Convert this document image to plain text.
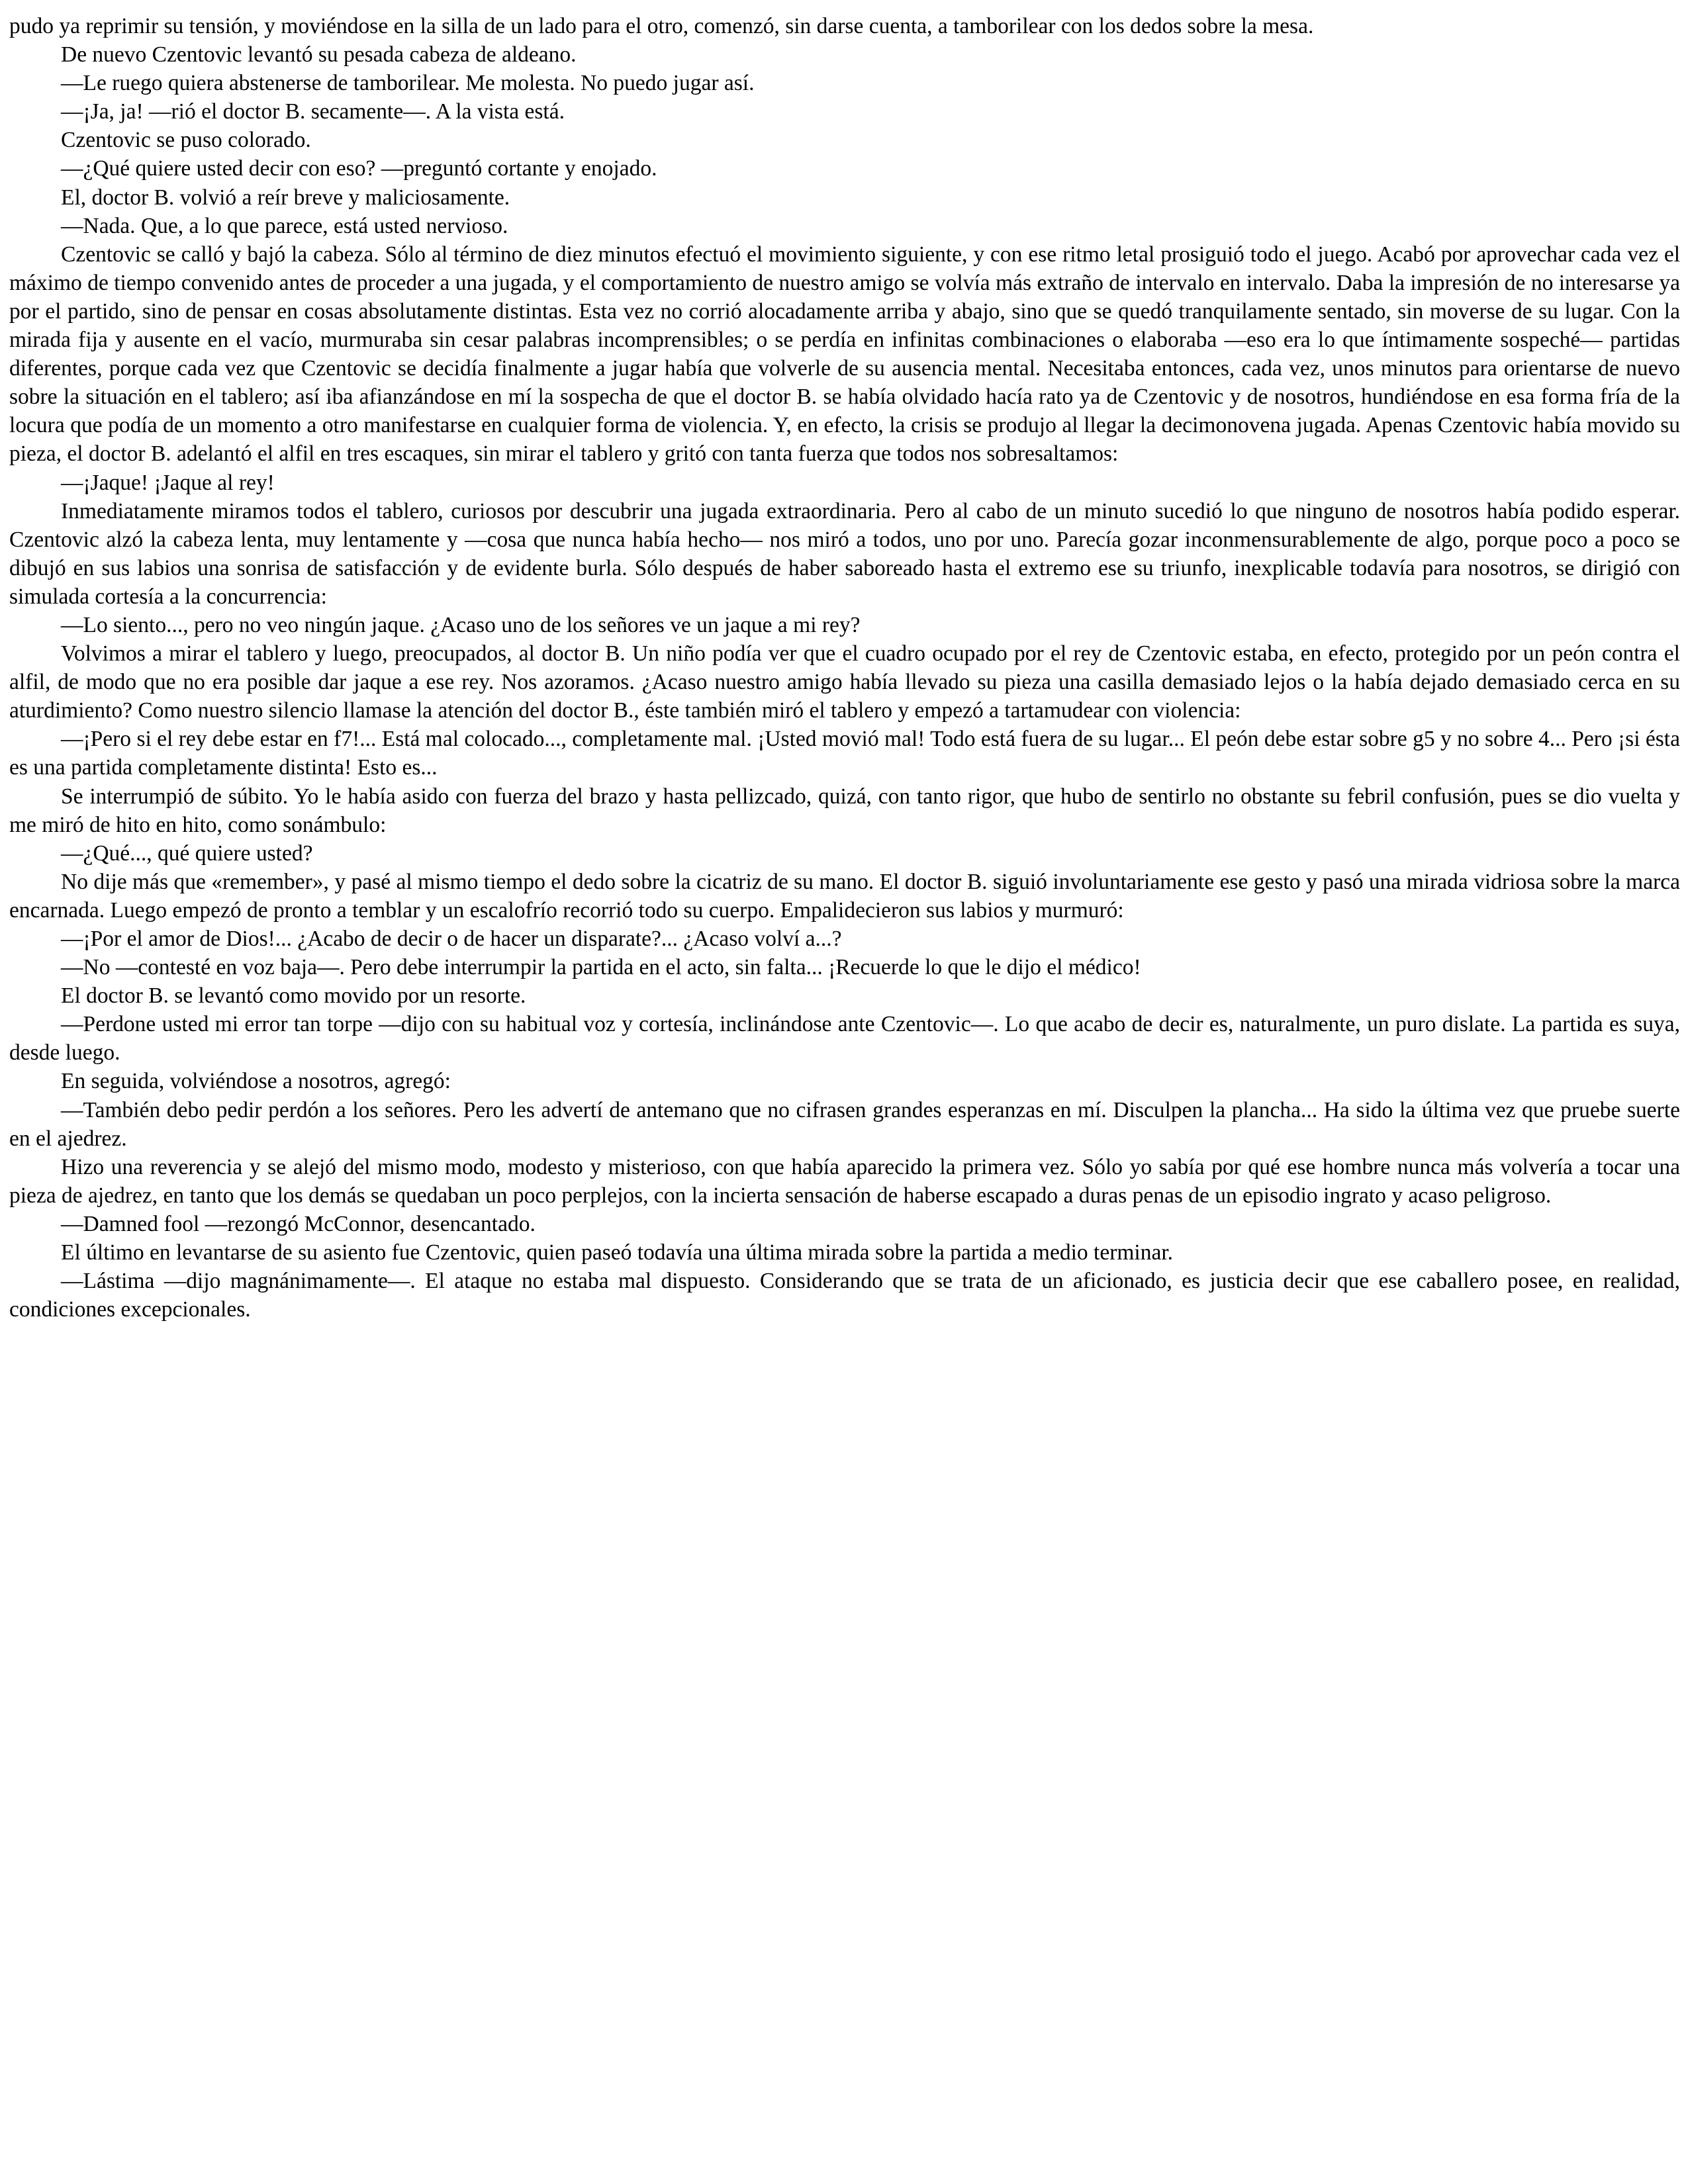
pudo ya reprimir su tensión, y moviéndose en la silla de un lado para el otro, comenzó, sin darse cuenta, a tamborilear con los dedos sobre la mesa.

De nuevo Czentovic levantó su pesada cabeza de aldeano.

—Le ruego quiera abstenerse de tamborilear. Me molesta. No puedo jugar así.

—¡Ja, ja! —rió el doctor B. secamente—. A la vista está.

Czentovic se puso colorado.

—¿Qué quiere usted decir con eso? —preguntó cortante y enojado.

El, doctor B. volvió a reír breve y maliciosamente.

—Nada. Que, a lo que parece, está usted nervioso.

Czentovic se calló y bajó la cabeza. Sólo al término de diez minutos efectuó el movimiento siguiente, y con ese ritmo letal prosiguió todo el juego. Acabó por aprovechar cada vez el máximo de tiempo convenido antes de proceder a una jugada, y el comportamiento de nuestro amigo se volvía más extraño de intervalo en intervalo. Daba la impresión de no interesarse ya por el partido, sino de pensar en cosas absolutamente distintas. Esta vez no corrió alocadamente arriba y abajo, sino que se quedó tranquilamente sentado, sin moverse de su lugar. Con la mirada fija y ausente en el vacío, murmuraba sin cesar palabras incomprensibles; o se perdía en infinitas combinaciones o elaboraba —eso era lo que íntimamente sospeché— partidas diferentes, porque cada vez que Czentovic se decidía finalmente a jugar había que volverle de su ausencia mental. Necesitaba entonces, cada vez, unos minutos para orientarse de nuevo sobre la situación en el tablero; así iba afianzándose en mí la sospecha de que el doctor B. se había olvidado hacía rato ya de Czentovic y de nosotros, hundiéndose en esa forma fría de la locura que podía de un momento a otro manifestarse en cualquier forma de violencia. Y, en efecto, la crisis se produjo al llegar la decimonovena jugada. Apenas Czentovic había movido su pieza, el doctor B. adelantó el alfil en tres escaques, sin mirar el tablero y gritó con tanta fuerza que todos nos sobresaltamos:

—¡Jaque! ¡Jaque al rey!

Inmediatamente miramos todos el tablero, curiosos por descubrir una jugada extraordinaria. Pero al cabo de un minuto sucedió lo que ninguno de nosotros había podido esperar. Czentovic alzó la cabeza lenta, muy lentamente y —cosa que nunca había hecho— nos miró a todos, uno por uno. Parecía gozar inconmensurablemente de algo, porque poco a poco se dibujó en sus labios una sonrisa de satisfacción y de evidente burla. Sólo después de haber saboreado hasta el extremo ese su triunfo, inexplicable todavía para nosotros, se dirigió con simulada cortesía a la concurrencia:

—Lo siento..., pero no veo ningún jaque. ¿Acaso uno de los señores ve un jaque a mi rey?

Volvimos a mirar el tablero y luego, preocupados, al doctor B. Un niño podía ver que el cuadro ocupado por el rey de Czentovic estaba, en efecto, protegido por un peón contra el alfil, de modo que no era posible dar jaque a ese rey. Nos azoramos. ¿Acaso nuestro amigo había llevado su pieza una casilla demasiado lejos o la había dejado demasiado cerca en su aturdimiento? Como nuestro silencio llamase la atención del doctor B., éste también miró el tablero y empezó a tartamudear con violencia:

—¡Pero si el rey debe estar en f7!... Está mal colocado..., completamente mal. ¡Usted movió mal! Todo está fuera de su lugar... El peón debe estar sobre g5 y no sobre 4... Pero ¡si ésta es una partida completamente distinta! Esto es...

Se interrumpió de súbito. Yo le había asido con fuerza del brazo y hasta pellizcado, quizá, con tanto rigor, que hubo de sentirlo no obstante su febril confusión, pues se dio vuelta y me miró de hito en hito, como sonámbulo:

—¿Qué..., qué quiere usted?

No dije más que «remember», y pasé al mismo tiempo el dedo sobre la cicatriz de su mano. El doctor B. siguió involuntariamente ese gesto y pasó una mirada vidriosa sobre la marca encarnada. Luego empezó de pronto a temblar y un escalofrío recorrió todo su cuerpo. Empalidecieron sus labios y murmuró:

—¡Por el amor de Dios!... ¿Acabo de decir o de hacer un disparate?... ¿Acaso volví a...?

—No —contesté en voz baja—. Pero debe interrumpir la partida en el acto, sin falta... ¡Recuerde lo que le dijo el médico!

El doctor B. se levantó como movido por un resorte.

—Perdone usted mi error tan torpe —dijo con su habitual voz y cortesía, inclinándose ante Czentovic—. Lo que acabo de decir es, naturalmente, un puro dislate. La partida es suya, desde luego.

En seguida, volviéndose a nosotros, agregó:

—También debo pedir perdón a los señores. Pero les advertí de antemano que no cifrasen grandes esperanzas en mí. Disculpen la plancha... Ha sido la última vez que pruebe suerte en el ajedrez.

Hizo una reverencia y se alejó del mismo modo, modesto y misterioso, con que había aparecido la primera vez. Sólo yo sabía por qué ese hombre nunca más volvería a tocar una pieza de ajedrez, en tanto que los demás se quedaban un poco perplejos, con la incierta sensación de haberse escapado a duras penas de un episodio ingrato y acaso peligroso.

—Damned fool —rezongó McConnor, desencantado.

El último en levantarse de su asiento fue Czentovic, quien paseó todavía una última mirada sobre la partida a medio terminar.

—Lástima —dijo magnánimamente—. El ataque no estaba mal dispuesto. Considerando que se trata de un aficionado, es justicia decir que ese caballero posee, en realidad, condiciones excepcionales.
